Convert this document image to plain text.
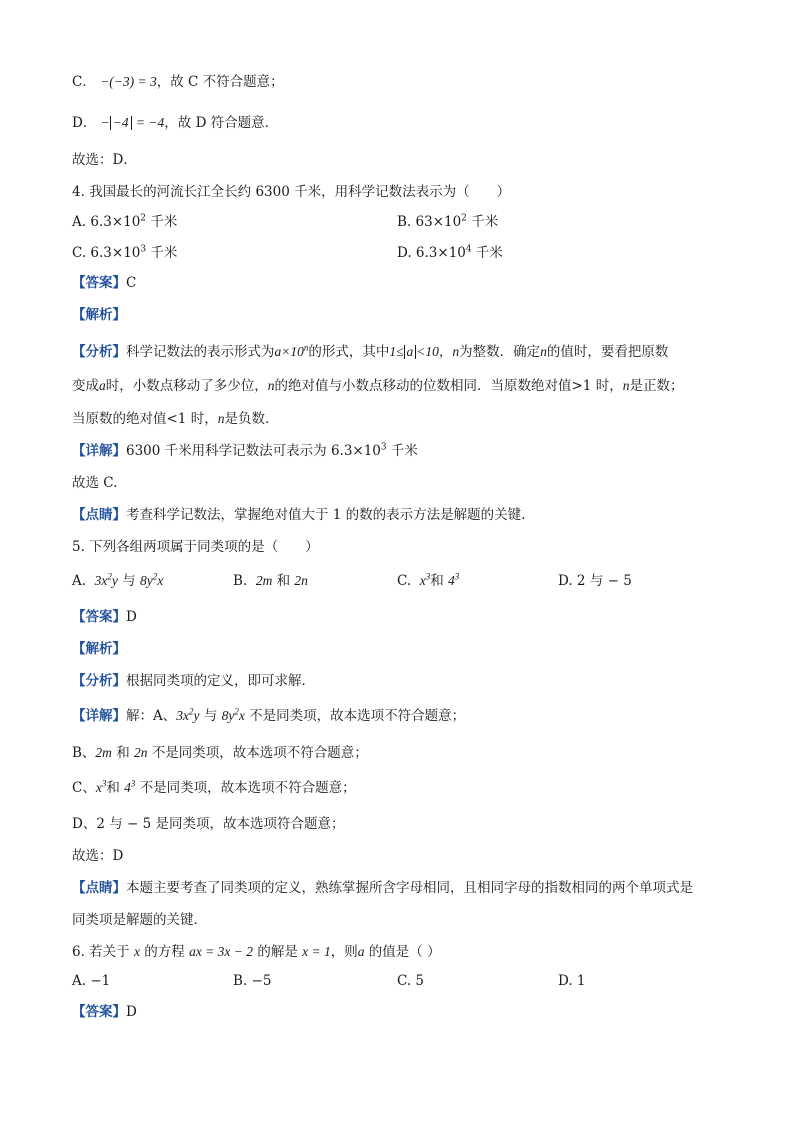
C． −(−3) = 3，故 C 不符合题意；
D． − −4 = −4，故 D 符合题意．
故选：D．
4. 我国最长的河流长江全长约 6300 千米，用科学记数法表示为（　　）
A. $6.3\times 10^2$ 千米	B. $63\times 10^2$ 千米
C. $6.3\times 10^3$ 千米	D. $6.3\times 10^4$ 千米
【答案】C
【解析】
【分析】科学记数法的表示形式为$a\times 10^n$的形式，其中1≤ a <10，n为整数．确定n的值时，要看把原数
变成a时，小数点移动了多少位，n的绝对值与小数点移动的位数相同．当原数绝对值>1 时，n是正数；
当原数的绝对值<1 时，n是负数．
【详解】6300 千米用科学记数法可表示为 $6.3\times 10^3$ 千米
故选 C.
【点睛】考查科学记数法，掌握绝对值大于 1 的数的表示方法是解题的关键.
5. 下列各组两项属于同类项的是（　　）
A. $3x^2y$ 与 $8y^2x$	B. 2m 和 2n	C. $x^3$和 $4^3$	D. 2 与 − 5
【答案】D
【解析】
【分析】根据同类项的定义，即可求解．
【详解】解：A、$3x^2y$ 与 $8y^2x$ 不是同类项，故本选项不符合题意；
B、2m 和 2n 不是同类项，故本选项不符合题意；
C、$x^3$和 $4^3$ 不是同类项，故本选项不符合题意；
D、2 与 − 5 是同类项，故本选项符合题意；
故选：D
【点睛】本题主要考查了同类项的定义，熟练掌握所含字母相同，且相同字母的指数相同的两个单项式是
同类项是解题的关键．
6. 若关于 x 的方程 ax = 3x − 2 的解是 x = 1，则a 的值是（ ）
A. −1	B. −5	C. 5	D. 1
【答案】D
